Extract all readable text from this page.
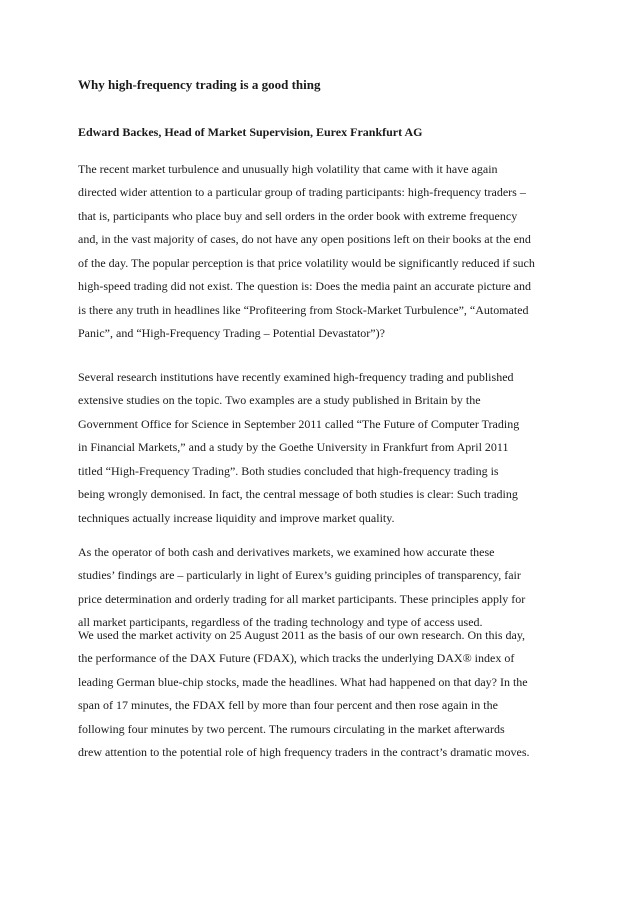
Why high-frequency trading is a good thing
Edward Backes, Head of Market Supervision, Eurex Frankfurt AG
The recent market turbulence and unusually high volatility that came with it have again
directed wider attention to a particular group of trading participants: high-frequency traders –
that is, participants who place buy and sell orders in the order book with extreme frequency
and, in the vast majority of cases, do not have any open positions left on their books at the end
of the day. The popular perception is that price volatility would be significantly reduced if such
high-speed trading did not exist. The question is: Does the media paint an accurate picture and
is there any truth in headlines like “Profiteering from Stock-Market Turbulence”, “Automated
Panic”, and “High-Frequency Trading – Potential Devastator”)?
Several research institutions have recently examined high-frequency trading and published
extensive studies on the topic. Two examples are a study published in Britain by the
Government Office for Science in September 2011 called “The Future of Computer Trading
in Financial Markets,” and a study by the Goethe University in Frankfurt from April 2011
titled “High-Frequency Trading”. Both studies concluded that high-frequency trading is
being wrongly demonised. In fact, the central message of both studies is clear: Such trading
techniques actually increase liquidity and improve market quality.
As the operator of both cash and derivatives markets, we examined how accurate these
studies’ findings are – particularly in light of Eurex’s guiding principles of transparency, fair
price determination and orderly trading for all market participants. These principles apply for
all market participants, regardless of the trading technology and type of access used.
We used the market activity on 25 August 2011 as the basis of our own research. On this day,
the performance of the DAX Future (FDAX), which tracks the underlying DAX® index of
leading German blue-chip stocks, made the headlines. What had happened on that day? In the
span of 17 minutes, the FDAX fell by more than four percent and then rose again in the
following four minutes by two percent. The rumours circulating in the market afterwards
drew attention to the potential role of high frequency traders in the contract’s dramatic moves.
